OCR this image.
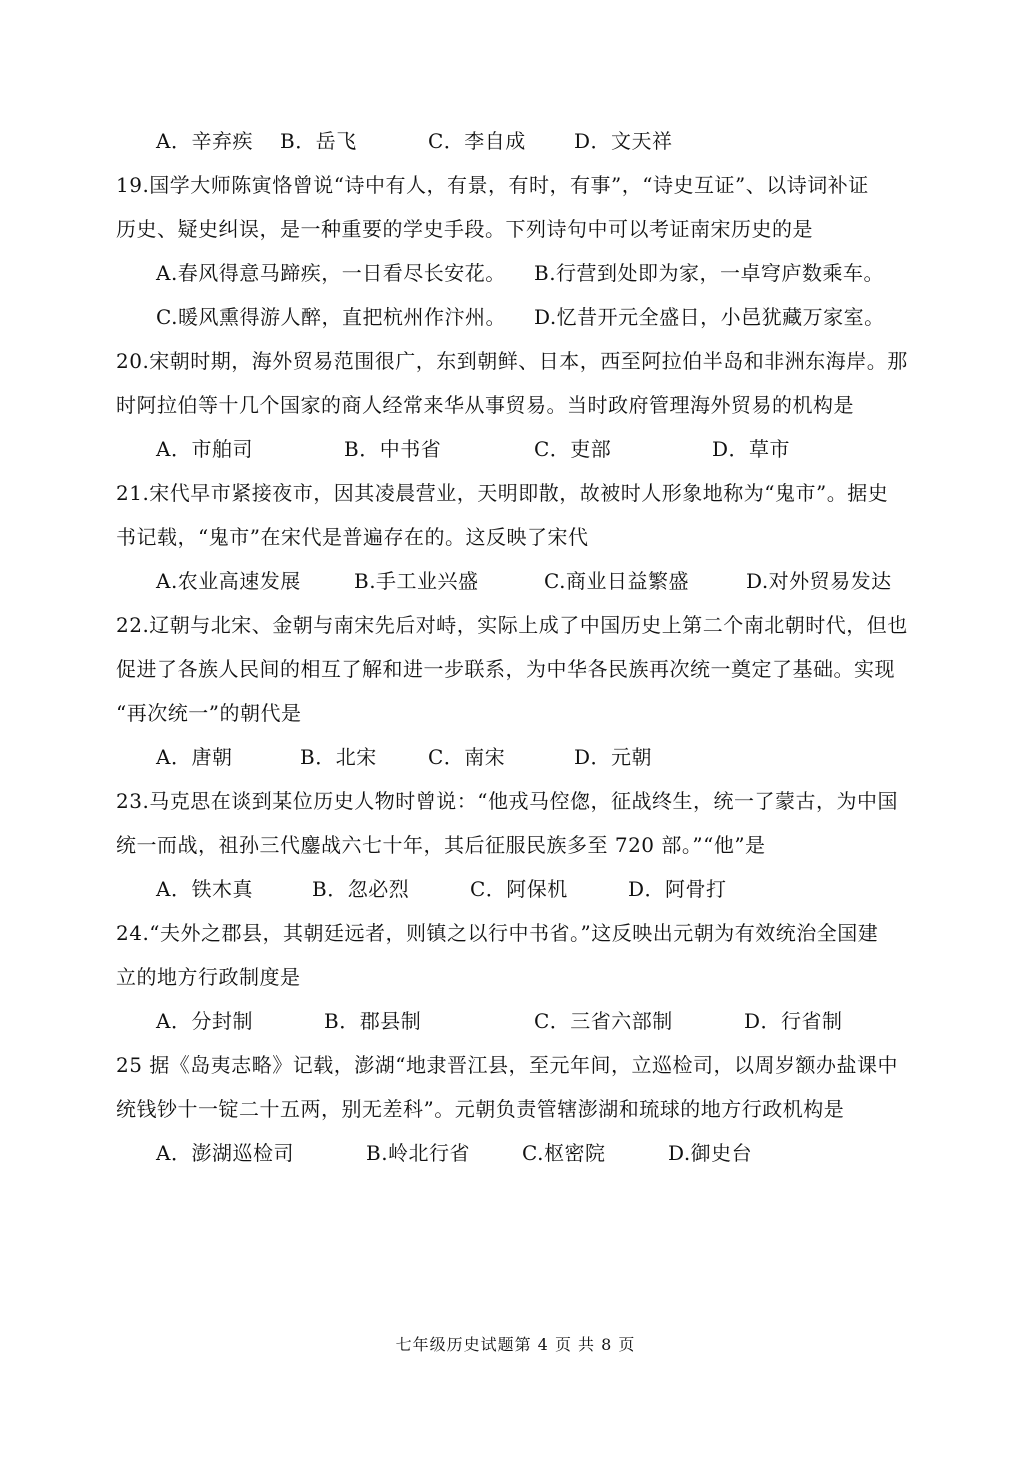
A．辛弃疾 B．岳飞	C．李自成 D．文天祥
19.国学大师陈寅恪曾说“诗中有人，有景，有时，有事”，“诗史互证”、以诗词补证
历史、疑史纠误，是一种重要的学史手段。下列诗句中可以考证南宋历史的是
A.春风得意马蹄疾，一日看尽长安花。 B.行营到处即为家，一卓穹庐数乘车。
C.暖风熏得游人醉，直把杭州作汴州。 D.忆昔开元全盛日，小邑犹藏万家室。
20.宋朝时期，海外贸易范围很广，东到朝鲜、日本，西至阿拉伯半岛和非洲东海岸。那
时阿拉伯等十几个国家的商人经常来华从事贸易。当时政府管理海外贸易的机构是
A．市舶司	B．中书省	C．吏部	D．草市
21.宋代早市紧接夜市，因其凌晨营业，天明即散，故被时人形象地称为“鬼市”。据史
书记载，“鬼市”在宋代是普遍存在的。这反映了宋代
A.农业高速发展	B.手工业兴盛	C.商业日益繁盛	D.对外贸易发达
22.辽朝与北宋、金朝与南宋先后对峙，实际上成了中国历史上第二个南北朝时代，但也
促进了各族人民间的相互了解和进一步联系，为中华各民族再次统一奠定了基础。实现
“再次统一”的朝代是
A．唐朝	B．北宋	C．南宋	D．元朝
23.马克思在谈到某位历史人物时曾说：“他戎马倥偬，征战终生，统一了蒙古，为中国
统一而战，祖孙三代鏖战六七十年，其后征服民族多至 720 部。”“他”是
A．铁木真	B．忽必烈	C．阿保机	D．阿骨打
24.“夫外之郡县，其朝廷远者，则镇之以行中书省。”这反映出元朝为有效统治全国建
立的地方行政制度是
A．分封制	B．郡县制	C．三省六部制	D．行省制
25 据《岛夷志略》记载，澎湖“地隶晋江县，至元年间，立巡检司，以周岁额办盐课中
统钱钞十一锭二十五两，别无差科”。元朝负责管辖澎湖和琉球的地方行政机构是
A．澎湖巡检司	B.岭北行省	C.枢密院	D.御史台
七年级历史试题第 4 页 共 8 页
